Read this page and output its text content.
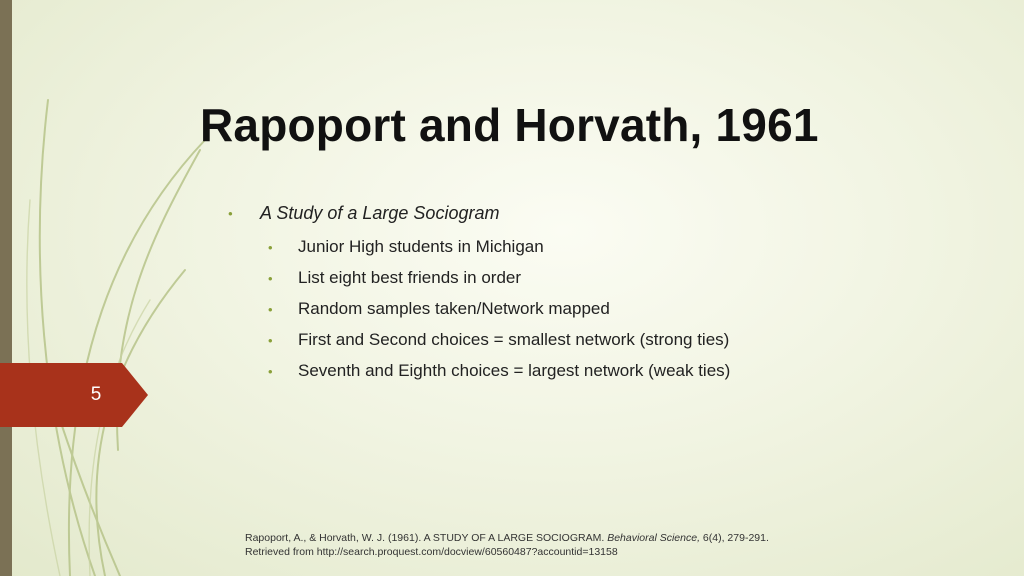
5
Rapoport and Horvath, 1961
•	A Study of a Large Sociogram
•	Junior High students in Michigan
•	List eight best friends in order
•	Random samples taken/Network mapped
•	First and Second choices = smallest network (strong ties)
•	Seventh and Eighth choices = largest network (weak ties)
Rapoport, A., & Horvath, W. J. (1961). A STUDY OF A LARGE SOCIOGRAM. Behavioral Science, 6(4), 279-291. Retrieved from http://search.proquest.com/docview/60560487?accountid=13158
